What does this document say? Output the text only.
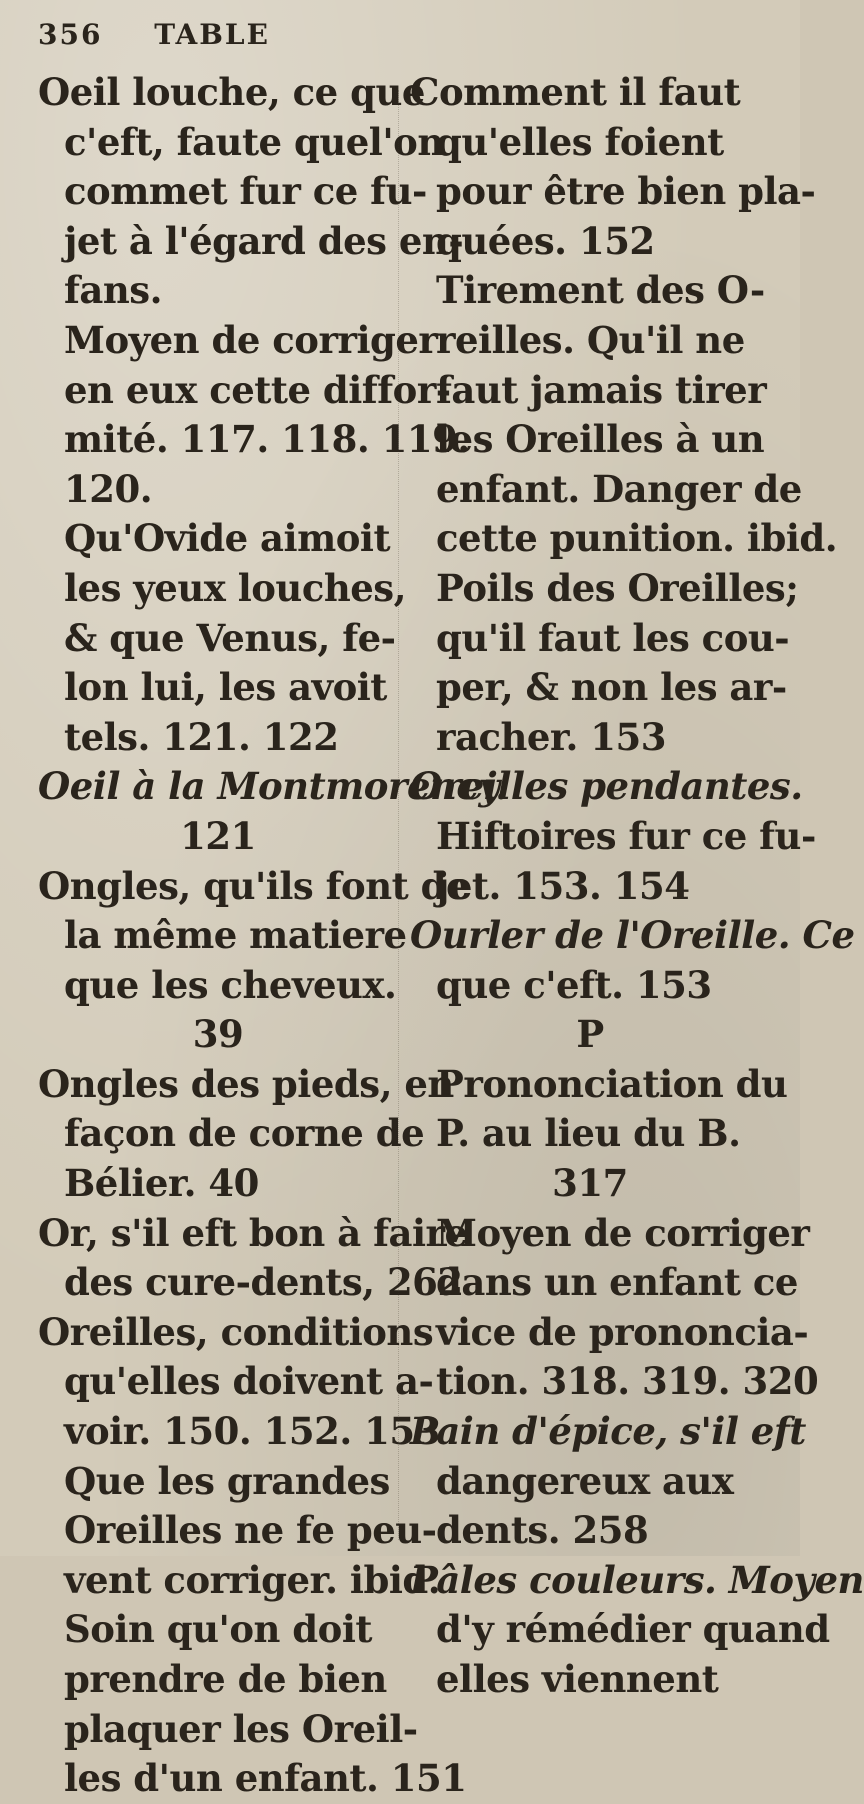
356 TABLE
Oeil louche, ce que
c'eft, faute quel'on
commet fur ce fu-
jet à l'égard des en-
fans.
Moyen de corriger
en eux cette diffor-
mité. 117. 118. 119.
120.
Qu'Ovide aimoit
les yeux louches,
& que Venus, fe-
lon lui, les avoit
tels. 121. 122
Oeil à la Montmorency.
121
Ongles, qu'ils font de
la même matiere
que les cheveux.
39
Ongles des pieds, en
façon de corne de
Bélier. 40
Or, s'il eft bon à faire
des cure-dents, 262
Oreilles, conditions
qu'elles doivent a-
voir. 150. 152. 153
Que les grandes
Oreilles ne fe peu-
vent corriger. ibid.
Soin qu'on doit
prendre de bien
plaquer les Oreil-
les d'un enfant. 151
Comment il faut
qu'elles foient
pour être bien pla-
quées. 152
Tirement des O-
reilles. Qu'il ne
faut jamais tirer
les Oreilles à un
enfant. Danger de
cette punition. ibid.
Poils des Oreilles;
qu'il faut les cou-
per, & non les ar-
racher. 153
Oreilles pendantes.
Hiftoires fur ce fu-
jet. 153. 154
Ourler de l'Oreille. Ce
que c'eft. 153
P
Prononciation du
P. au lieu du B.
317
Moyen de corriger
dans un enfant ce
vice de prononcia-
tion. 318. 319. 320
Pain d'épice, s'il eft
dangereux aux
dents. 258
Pâles couleurs. Moyen
d'y rémédier quand
elles viennent
